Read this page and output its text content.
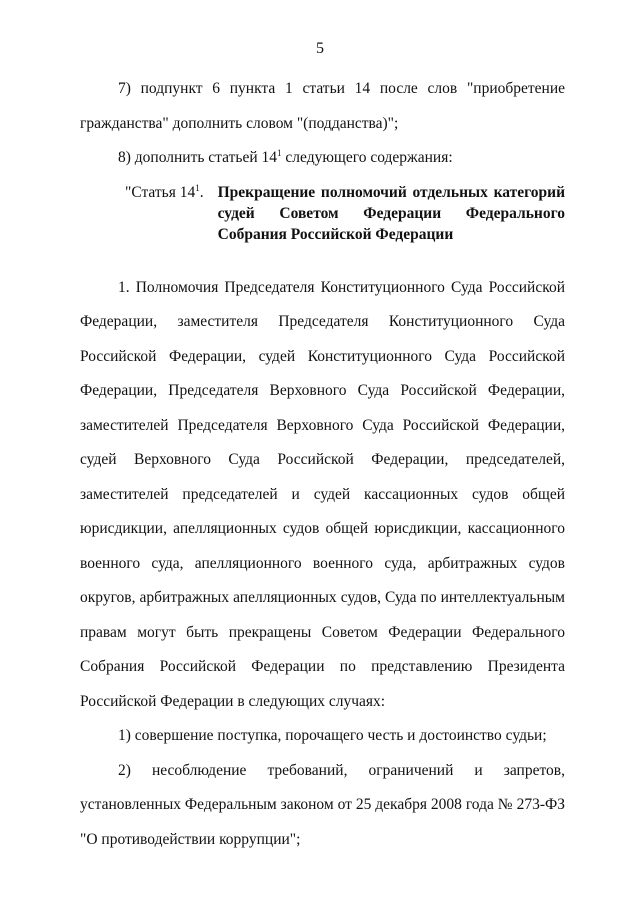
5

7) подпункт 6 пункта 1 статьи 14 после слов "приобретение гражданства" дополнить словом "(подданства)";

8) дополнить статьей $14^1$ следующего содержания:

"Статья $14^1$. Прекращение полномочий отдельных категорий судей Советом Федерации Федерального Собрания Российской Федерации

1. Полномочия Председателя Конституционного Суда Российской Федерации, заместителя Председателя Конституционного Суда Российской Федерации, судей Конституционного Суда Российской Федерации, Председателя Верховного Суда Российской Федерации, заместителей Председателя Верховного Суда Российской Федерации, судей Верховного Суда Российской Федерации, председателей, заместителей председателей и судей кассационных судов общей юрисдикции, апелляционных судов общей юрисдикции, кассационного военного суда, апелляционного военного суда, арбитражных судов округов, арбитражных апелляционных судов, Суда по интеллектуальным правам могут быть прекращены Советом Федерации Федерального Собрания Российской Федерации по представлению Президента Российской Федерации в следующих случаях:

1) совершение поступка, порочащего честь и достоинство судьи;

2) несоблюдение требований, ограничений и запретов, установленных Федеральным законом от 25 декабря 2008 года № 273-ФЗ "О противодействии коррупции";
